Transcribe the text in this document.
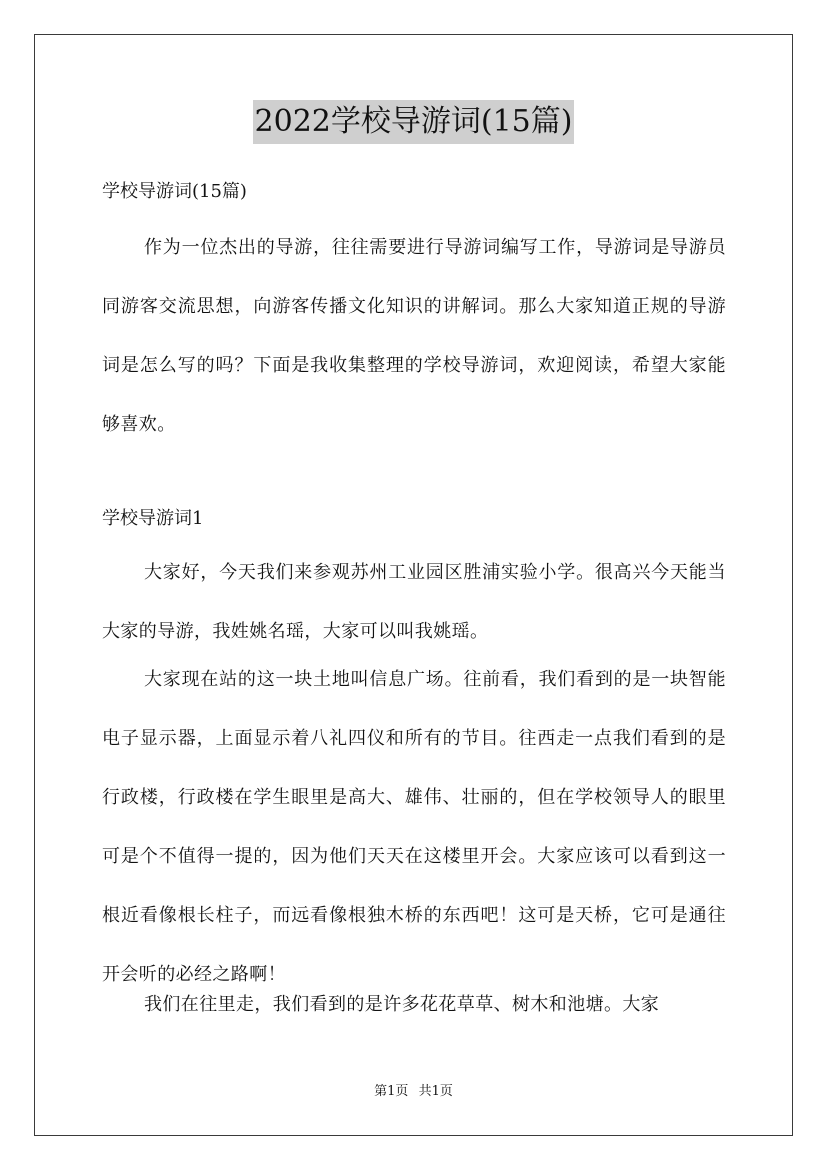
2022学校导游词(15篇)

学校导游词(15篇)

作为一位杰出的导游，往往需要进行导游词编写工作，导游词是导游员同游客交流思想，向游客传播文化知识的讲解词。那么大家知道正规的导游词是怎么写的吗？下面是我收集整理的学校导游词，欢迎阅读，希望大家能够喜欢。

学校导游词1

大家好，今天我们来参观苏州工业园区胜浦实验小学。很高兴今天能当大家的导游，我姓姚名瑶，大家可以叫我姚瑶。

大家现在站的这一块土地叫信息广场。往前看，我们看到的是一块智能电子显示器，上面显示着八礼四仪和所有的节目。往西走一点我们看到的是行政楼，行政楼在学生眼里是高大、雄伟、壮丽的，但在学校领导人的眼里可是个不值得一提的，因为他们天天在这楼里开会。大家应该可以看到这一根近看像根长柱子，而远看像根独木桥的东西吧！这可是天桥，它可是通往开会听的必经之路啊！

我们在往里走，我们看到的是许多花花草草、树木和池塘。大家

第1页 共1页
